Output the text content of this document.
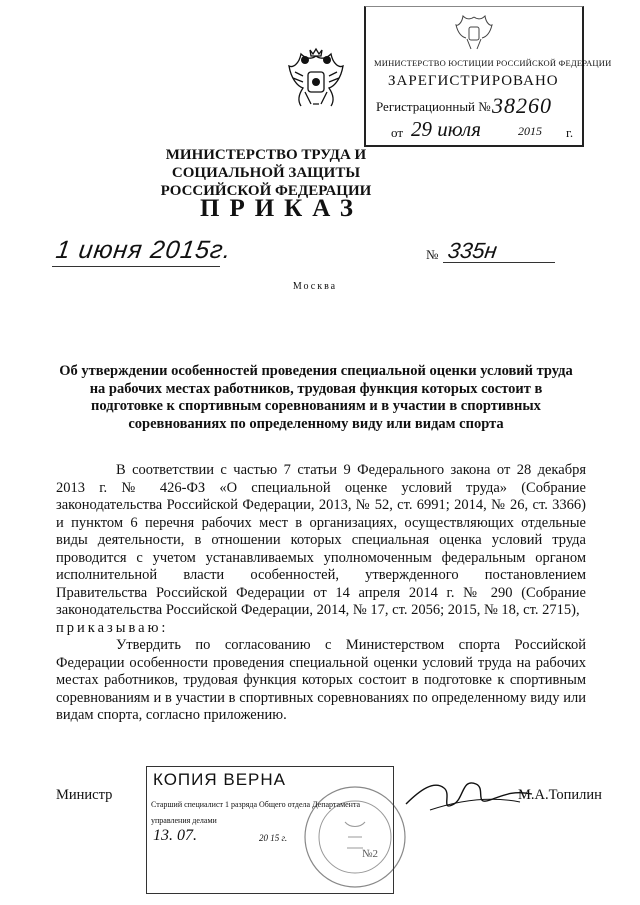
МИНИСТЕРСТВО ЮСТИЦИИ РОССИЙСКОЙ ФЕДЕРАЦИИ
ЗАРЕГИСТРИРОВАНО
Регистрационный № 38260
от 29 июля	2015 г.
МИНИСТЕРСТВО ТРУДА И СОЦИАЛЬНОЙ ЗАЩИТЫ
РОССИЙСКОЙ ФЕДЕРАЦИИ
ПРИКАЗ
1 июня 2015г.	№ 335н
Москва
Об утверждении особенностей проведения специальной оценки условий труда
на рабочих местах работников, трудовая функция которых состоит в
подготовке к спортивным соревнованиям и в участии в спортивных
соревнованиях по определенному виду или видам спорта

В соответствии с частью 7 статьи 9 Федерального закона от 28 декабря 2013 г. № 426-ФЗ «О специальной оценке условий труда» (Собрание законодательства Российской Федерации, 2013, № 52, ст. 6991; 2014, № 26, ст. 3366) и пунктом 6 перечня рабочих мест в организациях, осуществляющих отдельные виды деятельности, в отношении которых специальная оценка условий труда проводится с учетом устанавливаемых уполномоченным федеральным органом исполнительной власти особенностей, утвержденного постановлением Правительства Российской Федерации от 14 апреля 2014 г. № 290 (Собрание законодательства Российской Федерации, 2014, № 17, ст. 2056; 2015, № 18, ст. 2715),

приказываю:

Утвердить по согласованию с Министерством спорта Российской Федерации особенности проведения специальной оценки условий труда на рабочих местах работников, трудовая функция которых состоит в подготовке к спортивным соревнованиям и в участии в спортивных соревнованиях по определенному виду или видам спорта, согласно приложению.

Министр
№2
КОПИЯ ВЕРНА
Старший специалист 1 разряда Общего отдела Департамента
управления делами
13. 07.	20 15 г.
М.А.Топилин
